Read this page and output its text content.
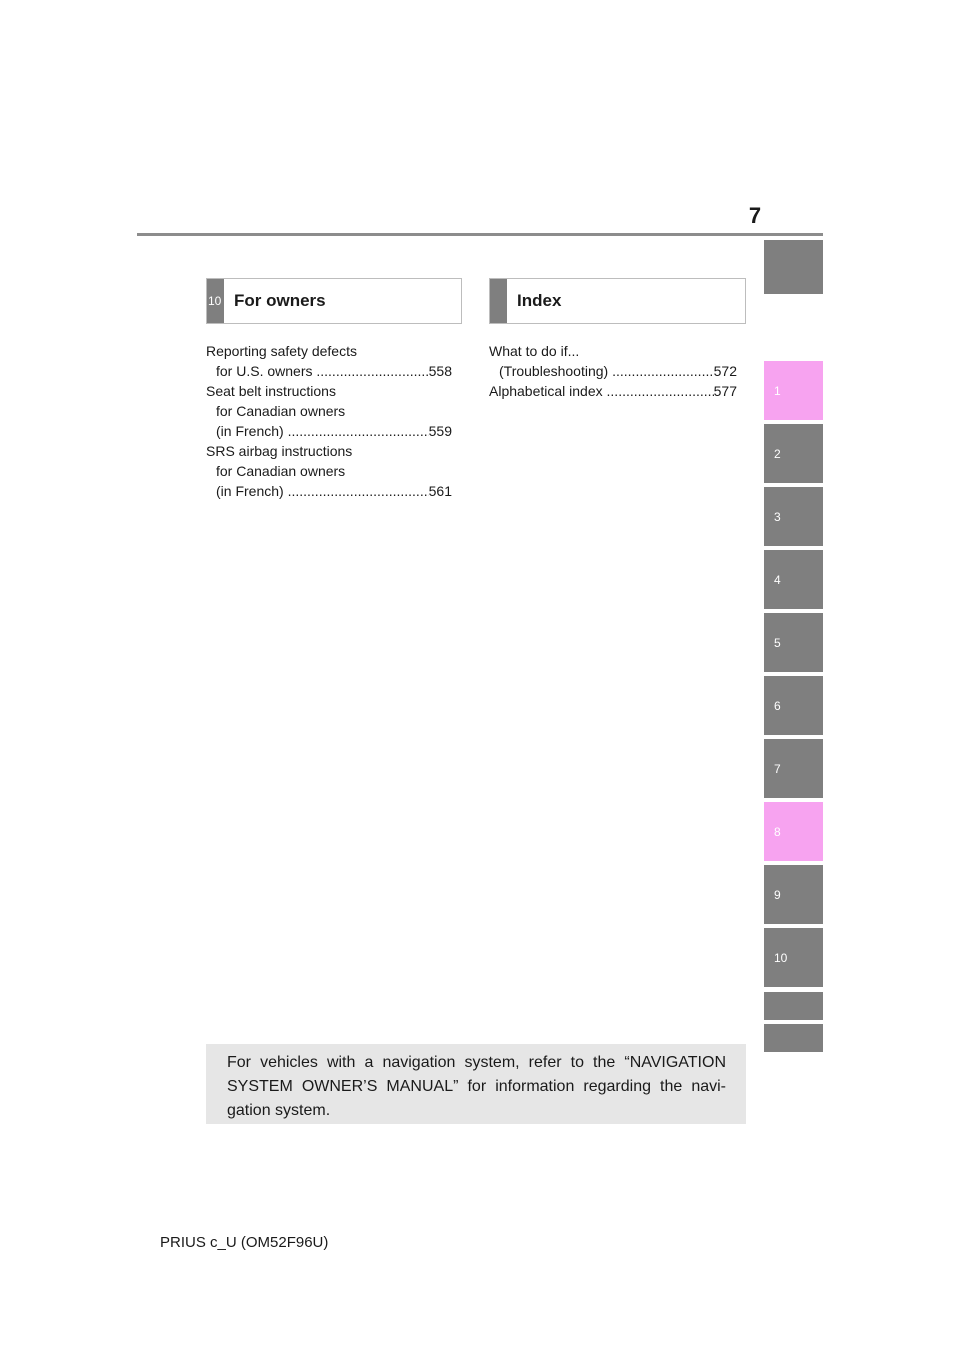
7
1
2
3
4
5
6
7
8
9
10
10 For owners	Index
Reporting safety defects
for U.S. owners .....	558
Seat belt instructions
for Canadian owners
(in French) .....	559
SRS airbag instructions
for Canadian owners
(in French) .....	561
What to do if...
(Troubleshooting) .....	572
Alphabetical index .....	577
For vehicles with a navigation system, refer to the “NAVIGATION SYSTEM OWNER’S MANUAL” for information regarding the navi-gation system.
PRIUS c_U (OM52F96U)
